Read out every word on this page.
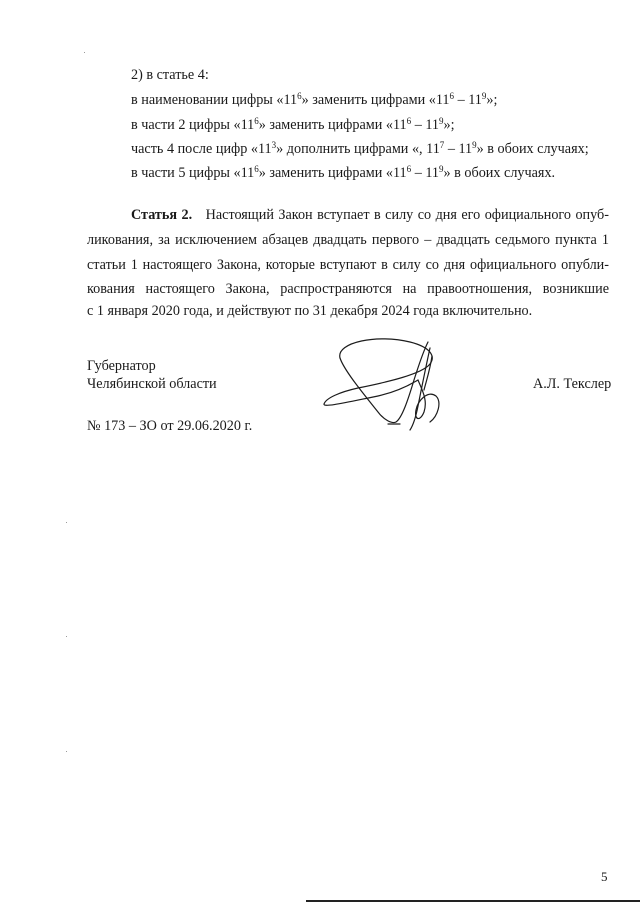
2) в статье 4:
в наименовании цифры «$11^6$» заменить цифрами «$11^6 - 11^9$»;
в части 2 цифры «$11^6$» заменить цифрами «$11^6 - 11^9$»;
часть 4 после цифр «$11^3$» дополнить цифрами «, $11^7 - 11^9$» в обоих случаях;
в части 5 цифры «$11^6$» заменить цифрами «$11^6 - 11^9$» в обоих случаях.
Статья 2. Настоящий Закон вступает в силу со дня его официального опуб-
ликования, за исключением абзацев двадцать первого – двадцать седьмого пункта 1
статьи 1 настоящего Закона, которые вступают в силу со дня официального опубли-
кования настоящего Закона, распространяются на правоотношения, возникшие
с 1 января 2020 года, и действуют по 31 декабря 2024 года включительно.
Губернатор
Челябинской области	А.Л. Текслер
№ 173 – ЗО от 29.06.2020 г.
5
